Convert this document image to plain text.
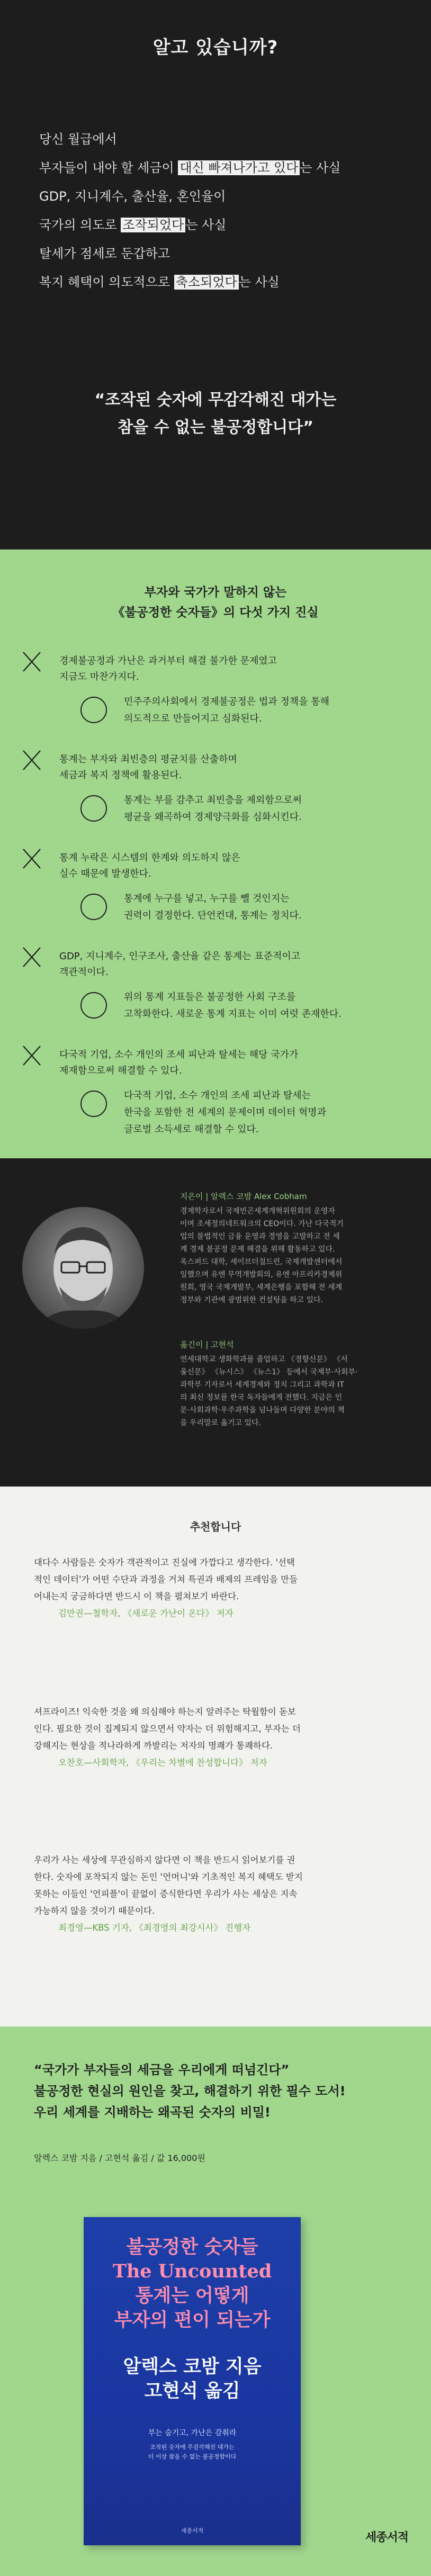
알고 있습니까?
당신 월급에서
부자들이 내야 할 세금이 대신 빠져나가고 있다 는 사실
GDP, 지니계수, 출산율, 혼인율이
국가의 의도로 조작되었다 는 사실
탈세가 점세로 둔갑하고
복지 혜택이 의도적으로 축소되었다 는 사실
“조작된 숫자에 무감각해진 대가는
참을 수 없는 불공정합니다”
부자와 국가가 말하지 않는
《불공정한 숫자들》의 다섯 가지 진실
경제불공정과 가난은 과거부터 해결 불가한 문제였고
지금도 마찬가지다.
민주주의사회에서 경제불공정은 법과 정책을 통해
의도적으로 만들어지고 심화된다.
통계는 부자와 최빈층의 평균치를 산출하며
세금과 복지 정책에 활용된다.
통계는 부를 감추고 최빈층을 제외함으로써
평균을 왜곡하여 경제양극화를 심화시킨다.
통계 누락은 시스템의 한계와 의도하지 않은
실수 때문에 발생한다.
통계에 누구를 넣고, 누구를 뺄 것인지는
권력이 결정한다. 단언컨대, 통계는 정치다.
GDP, 지니계수, 인구조사, 출산율 같은 통계는 표준적이고
객관적이다.
위의 통계 지표들은 불공정한 사회 구조를
고착화한다. 새로운 통계 지표는 이미 여럿 존재한다.
다국적 기업, 소수 개인의 조세 피난과 탈세는 해당 국가가
제재함으로써 해결할 수 있다.
다국적 기업, 소수 개인의 조세 피난과 탈세는
한국을 포함한 전 세계의 문제이며 데이터 혁명과
글로벌 소득세로 해결할 수 있다.
지은이 | 알렉스 코밤 Alex Cobham
경제학자로서 국제빈곤세계개혁위원회의 운영자
이며 조세정의네트워크의 CEO이다. 가난 다국적기
업의 불법적인 금융 운영과 경영을 고발하고 전 세
계 경제 불공정 문제 해결을 위해 활동하고 있다.
옥스퍼드 대학, 세이브더칠드런, 국제개발센터에서
일했으며 유엔 무역개발회의, 유엔 아프리카경제위
원회, 영국 국제개발부, 세계은행을 포함해 전 세계
정부와 기관에 광범위한 컨설팅을 하고 있다.
옮긴이 | 고현석
연세대학교 생화학과를 졸업하고 《경향신문》 《서
울신문》 《뉴시스》 《뉴스1》 등에서 국제부·사회부·
과학부 기자로서 세계경제와 정치 그리고 과학과 IT
의 최신 정보를 한국 독자들에게 전했다. 지금은 인
문·사회과학·우주과학을 넘나들며 다양한 분야의 책
을 우리말로 옮기고 있다.
추천합니다
대다수 사람들은 숫자가 객관적이고 진실에 가깝다고 생각한다. '선택
적인 데이터'가 어떤 수단과 과정을 거쳐 특권과 배제의 프레임을 만들
어내는지 궁금하다면 반드시 이 책을 펼쳐보기 바란다.
김만권—철학자, 《새로운 가난이 온다》 저자
셔프라이즈! 익숙한 것을 왜 의심해야 하는지 알려주는 탁월함이 돋보
인다. 필요한 것이 집계되지 않으면서 약자는 더 위험해지고, 부자는 더
강해지는 현상을 적나라하게 까발리는 저자의 명쾌가 통쾌하다.
오찬호—사회학자, 《우리는 차별에 찬성합니다》 저자
우리가 사는 세상에 무관심하지 않다면 이 책을 반드시 읽어보기를 권
한다. 숫자에 포착되지 않는 돈인 '언머니'와 기초적인 복지 혜택도 받지
못하는 이들인 '언피플'이 끝없이 증식한다면 우리가 사는 세상은 지속
가능하지 않을 것이기 때문이다.
최경영—KBS 기자, 《최경영의 최강시사》 진행자
“국가가 부자들의 세금을 우리에게 떠넘긴다”
불공정한 현실의 원인을 찾고, 해결하기 위한 필수 도서!
우리 세계를 지배하는 왜곡된 숫자의 비밀!
알렉스 코밤 지음 / 고현석 옮김 / 값 16,000원
불공정한 숫자들
The Uncounted
통계는 어떻게
부자의 편이 되는가
알렉스 코밤 지음
고현석 옮김
부는 숨기고, 가난은 감춰라
조작된 숫자에 무감각해진 대가는
더 이상 참을 수 없는 불공정함이다
세종서적
세종서적
